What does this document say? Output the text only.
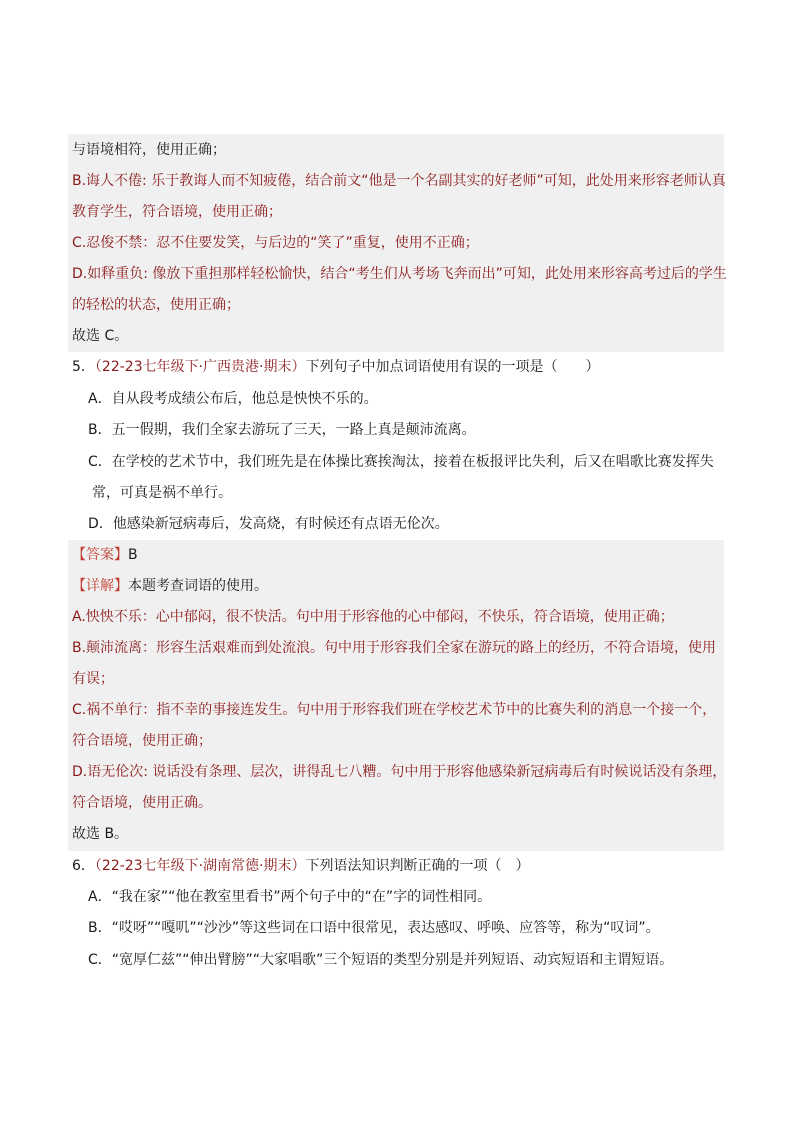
与语境相符，使用正确；
B.诲人不倦: 乐于教诲人而不知疲倦，结合前文“他是一个名副其实的好老师”可知，此处用来形容老师认真
教育学生，符合语境，使用正确；
C.忍俊不禁：忍不住要发笑，与后边的“笑了”重复，使用不正确；
D.如释重负: 像放下重担那样轻松愉快，结合“考生们从考场飞奔而出”可知，此处用来形容高考过后的学生
的轻松的状态，使用正确；
故选 C。
5．（22-23七年级下·广西贵港·期末）下列句子中加点词语使用有误的一项是（　　）
A．自从段考成绩公布后，他总是怏怏不乐的。
B．五一假期，我们全家去游玩了三天，一路上真是颠沛流离。
C．在学校的艺术节中，我们班先是在体操比赛挨淘汰，接着在板报评比失利，后又在唱歌比赛发挥失
常，可真是祸不单行。
D．他感染新冠病毒后，发高烧，有时候还有点语无伦次。
【答案】B
【详解】本题考查词语的使用。
A.怏怏不乐：心中郁闷，很不快活。句中用于形容他的心中郁闷，不快乐，符合语境，使用正确；
B.颠沛流离：形容生活艰难而到处流浪。句中用于形容我们全家在游玩的路上的经历，不符合语境，使用
有误；
C.祸不单行：指不幸的事接连发生。句中用于形容我们班在学校艺术节中的比赛失利的消息一个接一个，
符合语境，使用正确；
D.语无伦次: 说话没有条理、层次，讲得乱七八糟。句中用于形容他感染新冠病毒后有时候说话没有条理，
符合语境，使用正确。
故选 B。
6．（22-23七年级下·湖南常德·期末）下列语法知识判断正确的一项（　）
A．“我在家”“他在教室里看书”两个句子中的“在”字的词性相同。
B．“哎呀”“嘎叽”“沙沙”等这些词在口语中很常见，表达感叹、呼唤、应答等，称为“叹词”。
C．“宽厚仁兹”“伸出臂膀”“大家唱歌”三个短语的类型分别是并列短语、动宾短语和主谓短语。
